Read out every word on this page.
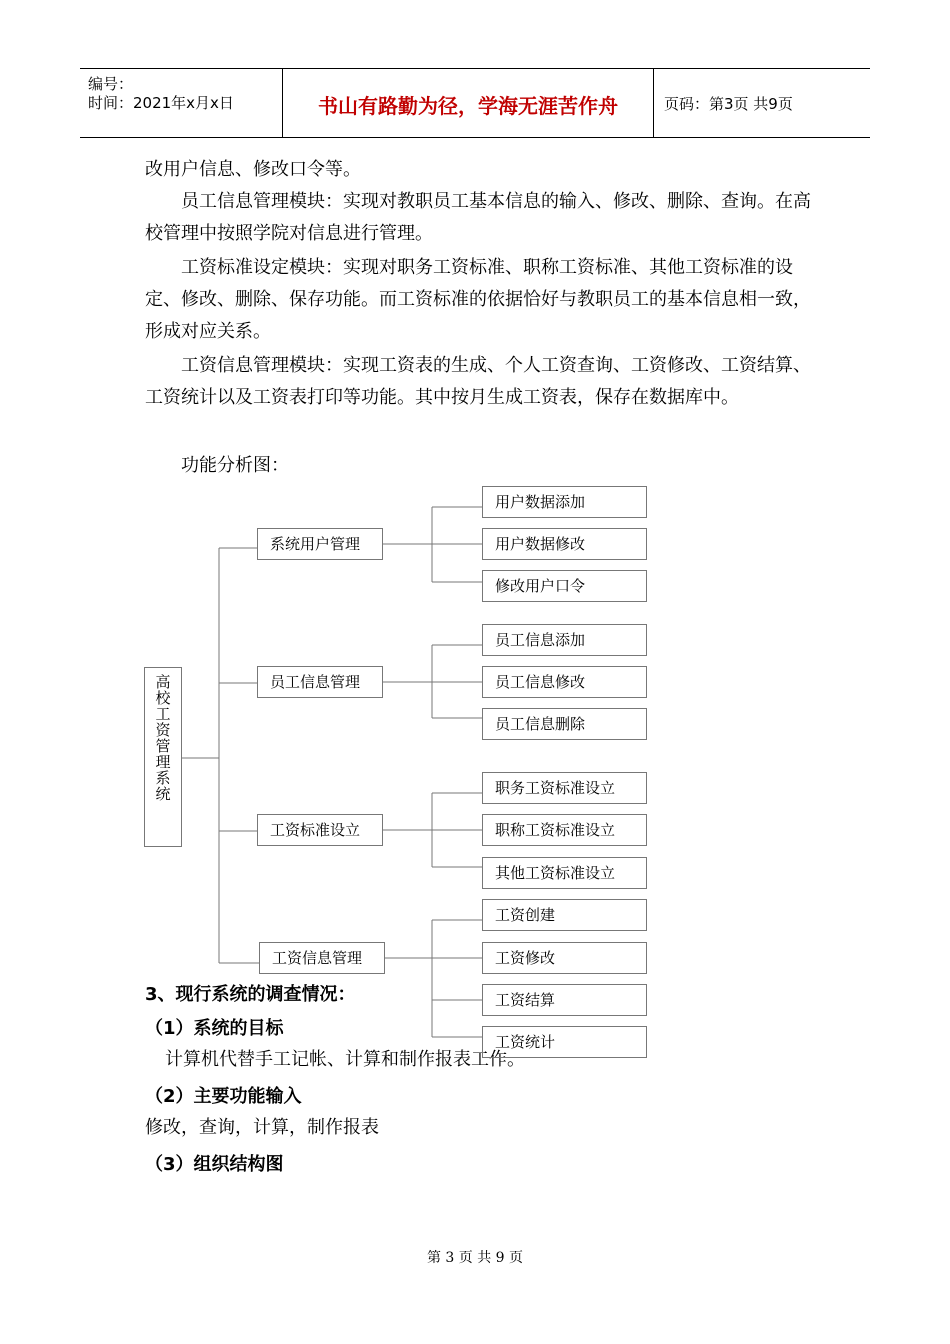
编号：
时间：2021年x月x日	书山有路勤为径，学海无涯苦作舟	页码：第3页 共9页

改用户信息、修改口令等。

员工信息管理模块：实现对教职员工基本信息的输入、修改、删除、查询。在高校管理中按照学院对信息进行管理。

工资标准设定模块：实现对职务工资标准、职称工资标准、其他工资标准的设定、修改、删除、保存功能。而工资标准的依据恰好与教职员工的基本信息相一致，形成对应关系。

工资信息管理模块：实现工资表的生成、个人工资查询、工资修改、工资结算、工资统计以及工资表打印等功能。其中按月生成工资表，保存在数据库中。

功能分析图：

高校工资管理系统
系统用户管理
员工信息管理
工资标准设立
工资信息管理
用户数据添加
用户数据修改
修改用户口令
员工信息添加
员工信息修改
员工信息删除
职务工资标准设立
职称工资标准设立
其他工资标准设立
工资创建
工资修改
工资结算
3、现行系统的调查情况：
（1）系统的目标
计算机代替手工记帐、计算和制作报表工作。
工资统计
（2）主要功能输入
修改，查询，计算，制作报表
（3）组织结构图
第 3 页 共 9 页
